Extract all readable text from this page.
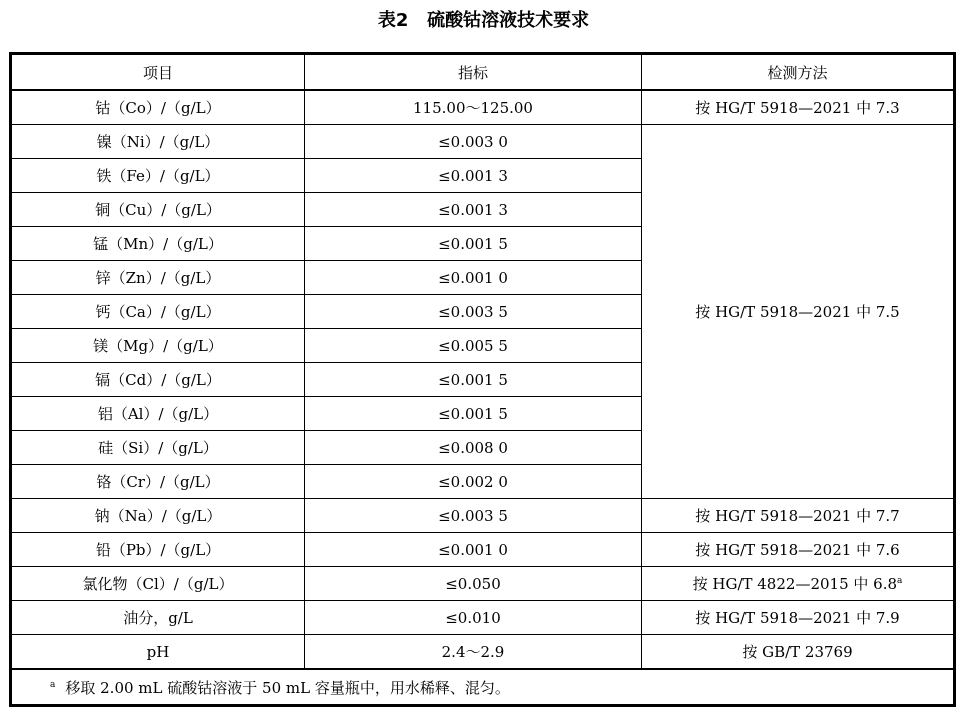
表2   硫酸钴溶液技术要求
项目	指标	检测方法
钴（Co）/（g/L）	115.00～125.00	按 HG/T 5918—2021 中 7.3
镍（Ni）/（g/L）	≤0.003 0	按 HG/T 5918—2021 中 7.5
铁（Fe）/（g/L）	≤0.001 3	
铜（Cu）/（g/L）	≤0.001 3	
锰（Mn）/（g/L）	≤0.001 5	
锌（Zn）/（g/L）	≤0.001 0	
钙（Ca）/（g/L）	≤0.003 5	
镁（Mg）/（g/L）	≤0.005 5	
镉（Cd）/（g/L）	≤0.001 5	
铝（Al）/（g/L）	≤0.001 5	
硅（Si）/（g/L）	≤0.008 0	
铬（Cr）/（g/L）	≤0.002 0	
钠（Na）/（g/L）	≤0.003 5	按 HG/T 5918—2021 中 7.7
铅（Pb）/（g/L）	≤0.001 0	按 HG/T 5918—2021 中 7.6
氯化物（Cl）/（g/L）	≤0.050	按 HG/T 4822—2015 中 6.8$^a$
油分，g/L	≤0.010	按 HG/T 5918—2021 中 7.9
pH	2.4～2.9	按 GB/T 23769
$^a$ 移取 2.00 mL 硫酸钴溶液于 50 mL 容量瓶中，用水稀释、混匀。		
